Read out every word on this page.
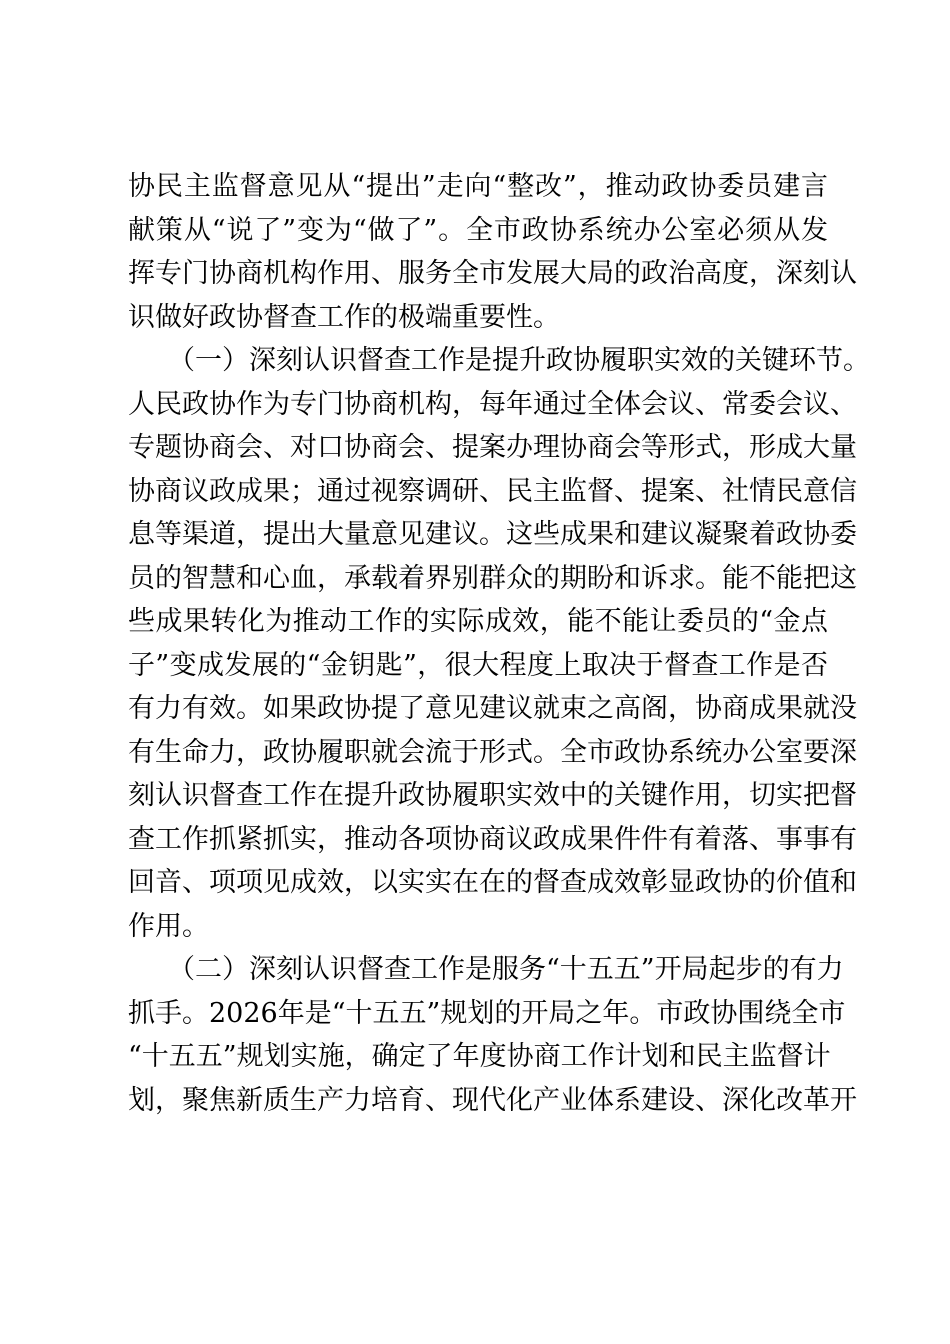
协民主监督意见从“提出”走向“整改”，推动政协委员建言
献策从“说了”变为“做了”。全市政协系统办公室必须从发
挥专门协商机构作用、服务全市发展大局的政治高度，深刻认
识做好政协督查工作的极端重要性。
（一）深刻认识督查工作是提升政协履职实效的关键环节。
人民政协作为专门协商机构，每年通过全体会议、常委会议、
专题协商会、对口协商会、提案办理协商会等形式，形成大量
协商议政成果；通过视察调研、民主监督、提案、社情民意信
息等渠道，提出大量意见建议。这些成果和建议凝聚着政协委
员的智慧和心血，承载着界别群众的期盼和诉求。能不能把这
些成果转化为推动工作的实际成效，能不能让委员的“金点
子”变成发展的“金钥匙”，很大程度上取决于督查工作是否
有力有效。如果政协提了意见建议就束之高阁，协商成果就没
有生命力，政协履职就会流于形式。全市政协系统办公室要深
刻认识督查工作在提升政协履职实效中的关键作用，切实把督
查工作抓紧抓实，推动各项协商议政成果件件有着落、事事有
回音、项项见成效，以实实在在的督查成效彰显政协的价值和
作用。
（二）深刻认识督查工作是服务“十五五”开局起步的有力
抓手。2026年是“十五五”规划的开局之年。市政协围绕全市
“十五五”规划实施，确定了年度协商工作计划和民主监督计
划，聚焦新质生产力培育、现代化产业体系建设、深化改革开
